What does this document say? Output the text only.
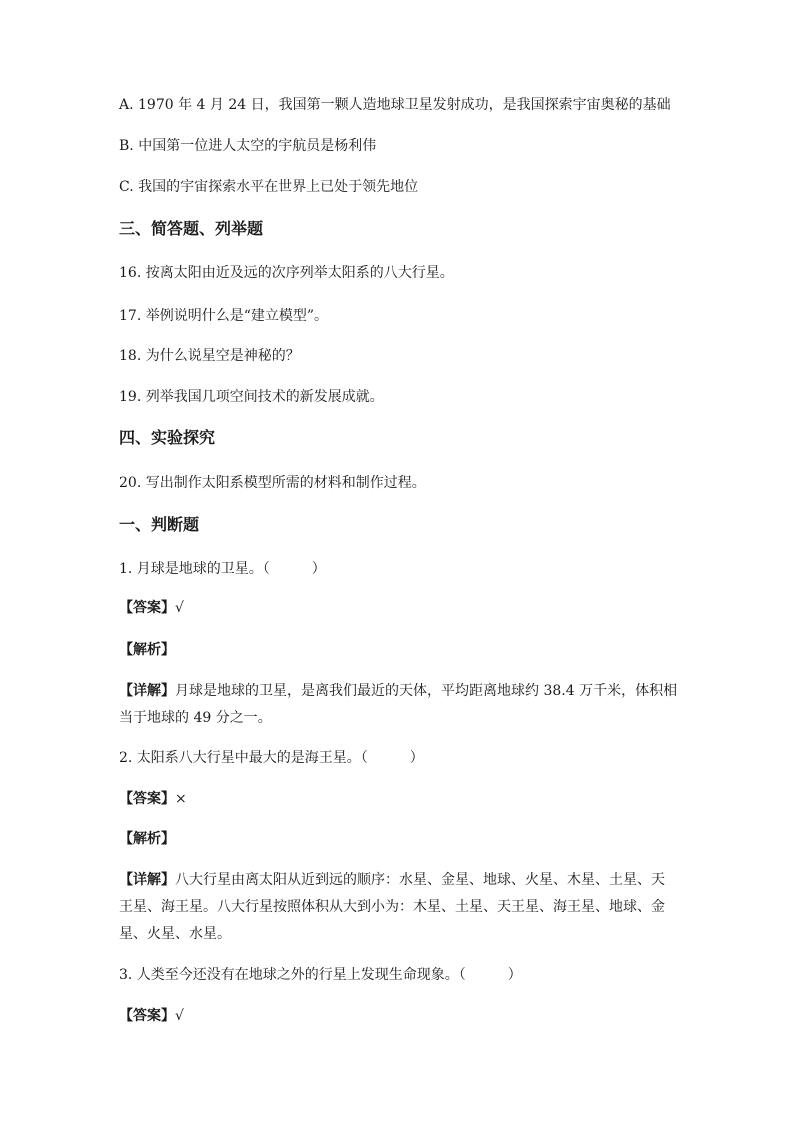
A. 1970 年 4 月 24 日，我国第一颗人造地球卫星发射成功，是我国探索宇宙奥秘的基础
B. 中国第一位进人太空的宇航员是杨利伟
C. 我国的宇宙探索水平在世界上已处于领先地位
三、简答题、列举题
16. 按离太阳由近及远的次序列举太阳系的八大行星。
17. 举例说明什么是“建立模型”。
18. 为什么说星空是神秘的？
19. 列举我国几项空间技术的新发展成就。
四、实验探究
20. 写出制作太阳系模型所需的材料和制作过程。
一、判断题
1. 月球是地球的卫星。（　　　）
【答案】√
【解析】
【详解】月球是地球的卫星，是离我们最近的天体，平均距离地球约 38.4 万千米，体积相
当于地球的 49 分之一。
2. 太阳系八大行星中最大的是海王星。（　　　）
【答案】×
【解析】
【详解】八大行星由离太阳从近到远的顺序：水星、金星、地球、火星、木星、土星、天
王星、海王星。八大行星按照体积从大到小为：木星、土星、天王星、海王星、地球、金
星、火星、水星。
3. 人类至今还没有在地球之外的行星上发现生命现象。（　　　）
【答案】√
